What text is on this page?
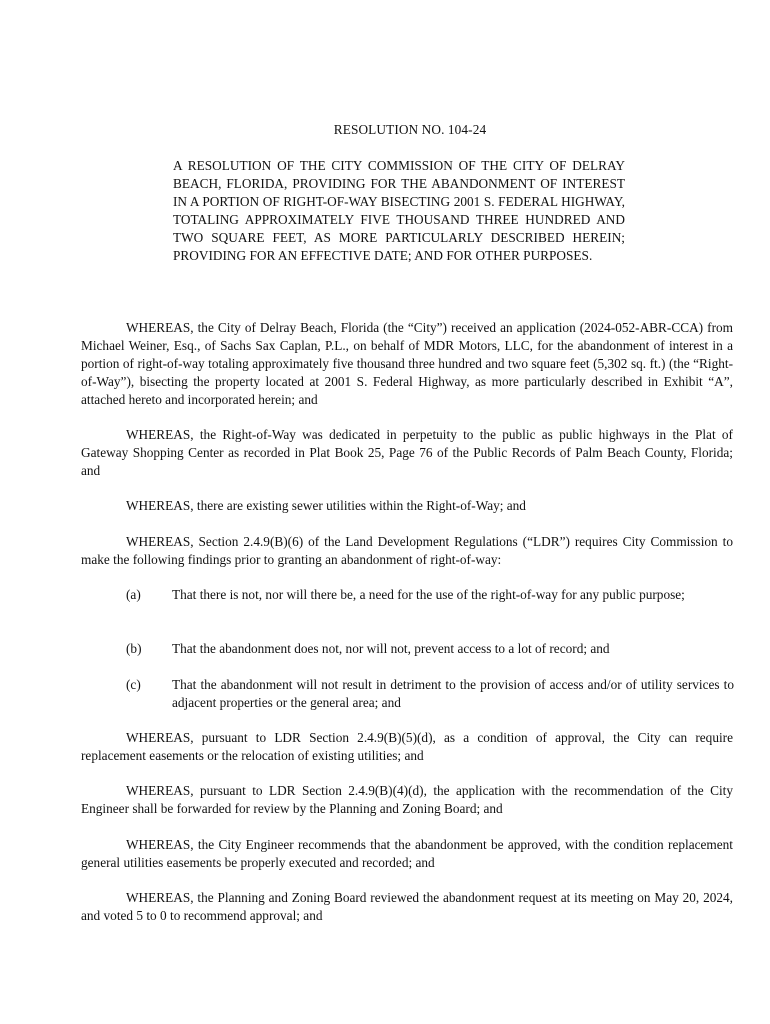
RESOLUTION NO. 104-24
A RESOLUTION OF THE CITY COMMISSION OF THE CITY OF DELRAY BEACH, FLORIDA, PROVIDING FOR THE ABANDONMENT OF INTEREST IN A PORTION OF RIGHT-OF-WAY BISECTING 2001 S. FEDERAL HIGHWAY, TOTALING APPROXIMATELY FIVE THOUSAND THREE HUNDRED AND TWO SQUARE FEET, AS MORE PARTICULARLY DESCRIBED HEREIN; PROVIDING FOR AN EFFECTIVE DATE; AND FOR OTHER PURPOSES.
WHEREAS, the City of Delray Beach, Florida (the “City”) received an application (2024-052-ABR-CCA) from Michael Weiner, Esq., of Sachs Sax Caplan, P.L., on behalf of MDR Motors, LLC, for the abandonment of interest in a portion of right-of-way totaling approximately five thousand three hundred and two square feet (5,302 sq. ft.) (the “Right-of-Way”), bisecting the property located at 2001 S. Federal Highway, as more particularly described in Exhibit “A”, attached hereto and incorporated herein; and
WHEREAS, the Right-of-Way was dedicated in perpetuity to the public as public highways in the Plat of Gateway Shopping Center as recorded in Plat Book 25, Page 76 of the Public Records of Palm Beach County, Florida; and
WHEREAS, there are existing sewer utilities within the Right-of-Way; and
WHEREAS, Section 2.4.9(B)(6) of the Land Development Regulations (“LDR”) requires City Commission to make the following findings prior to granting an abandonment of right-of-way:
(a)	That there is not, nor will there be, a need for the use of the right-of-way for any public purpose;
(b)	That the abandonment does not, nor will not, prevent access to a lot of record; and
(c)	That the abandonment will not result in detriment to the provision of access and/or of utility services to adjacent properties or the general area; and
WHEREAS, pursuant to LDR Section 2.4.9(B)(5)(d), as a condition of approval, the City can require replacement easements or the relocation of existing utilities; and
WHEREAS, pursuant to LDR Section 2.4.9(B)(4)(d), the application with the recommendation of the City Engineer shall be forwarded for review by the Planning and Zoning Board; and
WHEREAS, the City Engineer recommends that the abandonment be approved, with the condition replacement general utilities easements be properly executed and recorded; and
WHEREAS, the Planning and Zoning Board reviewed the abandonment request at its meeting on May 20, 2024, and voted 5 to 0 to recommend approval; and
